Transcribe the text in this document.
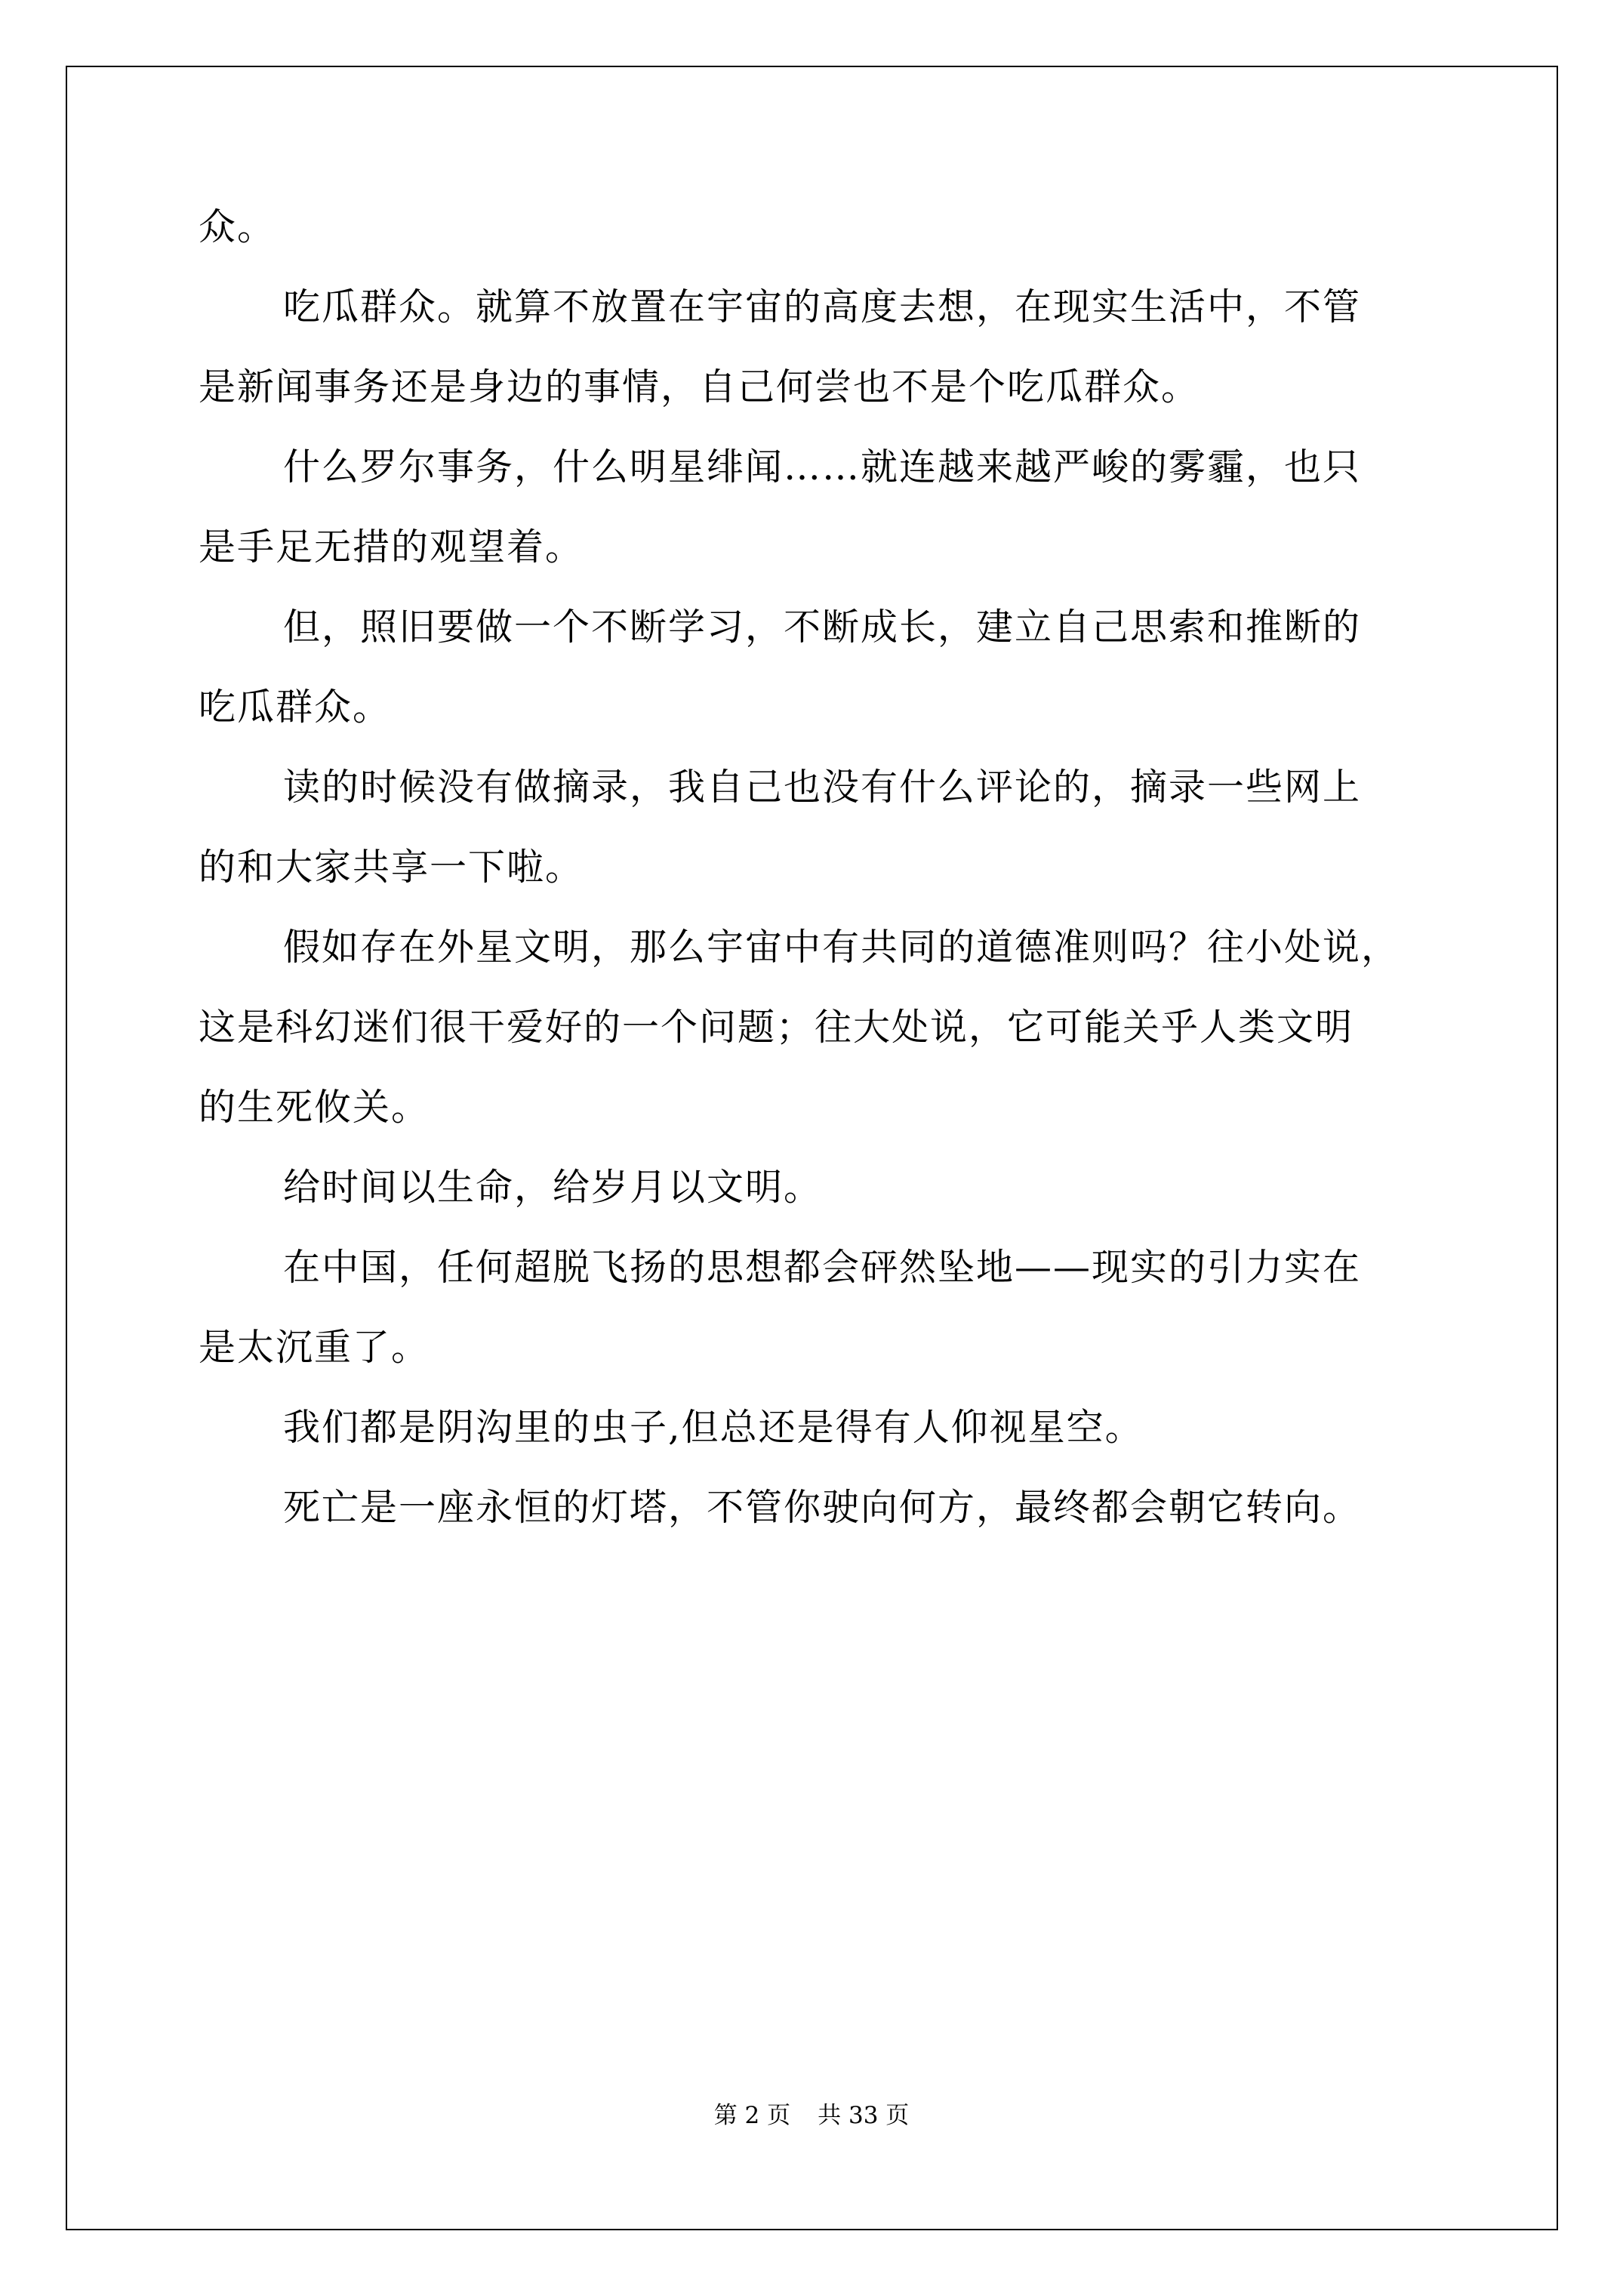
众。

吃瓜群众。就算不放置在宇宙的高度去想，在现实生活中，不管

是新闻事务还是身边的事情，自己何尝也不是个吃瓜群众。

什么罗尔事务，什么明星绯闻……就连越来越严峻的雾霾，也只

是手足无措的观望着。

但，照旧要做一个不断学习，不断成长，建立自己思索和推断的

吃瓜群众。

读的时候没有做摘录，我自己也没有什么评论的，摘录一些网上

的和大家共享一下啦。

假如存在外星文明，那么宇宙中有共同的道德准则吗？往小处说，

这是科幻迷们很干爱好的一个问题；往大处说，它可能关乎人类文明

的生死攸关。

给时间以生命，给岁月以文明。

在中国，任何超脱飞扬的思想都会砰然坠地——现实的引力实在

是太沉重了。

我们都是阴沟里的虫子,但总还是得有人仰视星空。

死亡是一座永恒的灯塔，不管你驶向何方，最终都会朝它转向。

第 2 页 共 33 页
